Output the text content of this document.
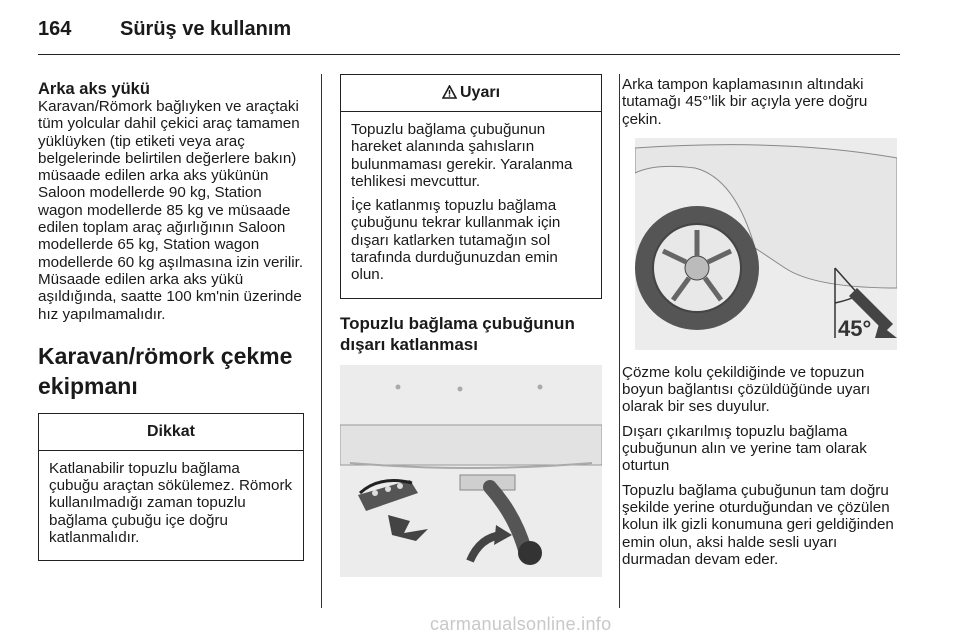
164 Sürüş ve kullanım

Arka aks yükü

Karavan/Römork bağlıyken ve araçtaki tüm yolcular dahil çekici araç tamamen yüklüyken (tip etiketi veya araç belgelerinde belirtilen değerlere bakın) müsaade edilen arka aks yükünün Saloon modellerde 90 kg, Station wagon modellerde 85 kg ve müsaade edilen toplam araç ağırlığının Saloon modellerde 65 kg, Station wagon modellerde 60 kg aşılmasına izin verilir. Müsaade edilen arka aks yükü aşıldığında, saatte 100 km'nin üzerinde hız yapılmamalıdır.

Karavan/römork çekme ekipmanı

Dikkat

Katlanabilir topuzlu bağlama çubuğu araçtan sökülemez. Römork kullanılmadığı zaman topuzlu bağlama çubuğu içe doğru katlanmalıdır.

Uyarı

Topuzlu bağlama çubuğunun hareket alanında şahısların bulunmaması gerekir. Yaralanma tehlikesi mevcuttur.

İçe katlanmış topuzlu bağlama çubuğunu tekrar kullanmak için dışarı katlarken tutamağın sol tarafında durduğunuzdan emin olun.

Topuzlu bağlama çubuğunun dışarı katlanması

Arka tampon kaplamasının altındaki tutamağı 45°'lik bir açıyla yere doğru çekin.

45°

Çözme kolu çekildiğinde ve topuzun boyun bağlantısı çözüldüğünde uyarı olarak bir ses duyulur.

Dışarı çıkarılmış topuzlu bağlama çubuğunun alın ve yerine tam olarak oturtun

Topuzlu bağlama çubuğunun tam doğru şekilde yerine oturduğundan ve çözülen kolun ilk gizli konumuna geri geldiğinden emin olun, aksi halde sesli uyarı durmadan devam eder.

carmanualsonline.info
